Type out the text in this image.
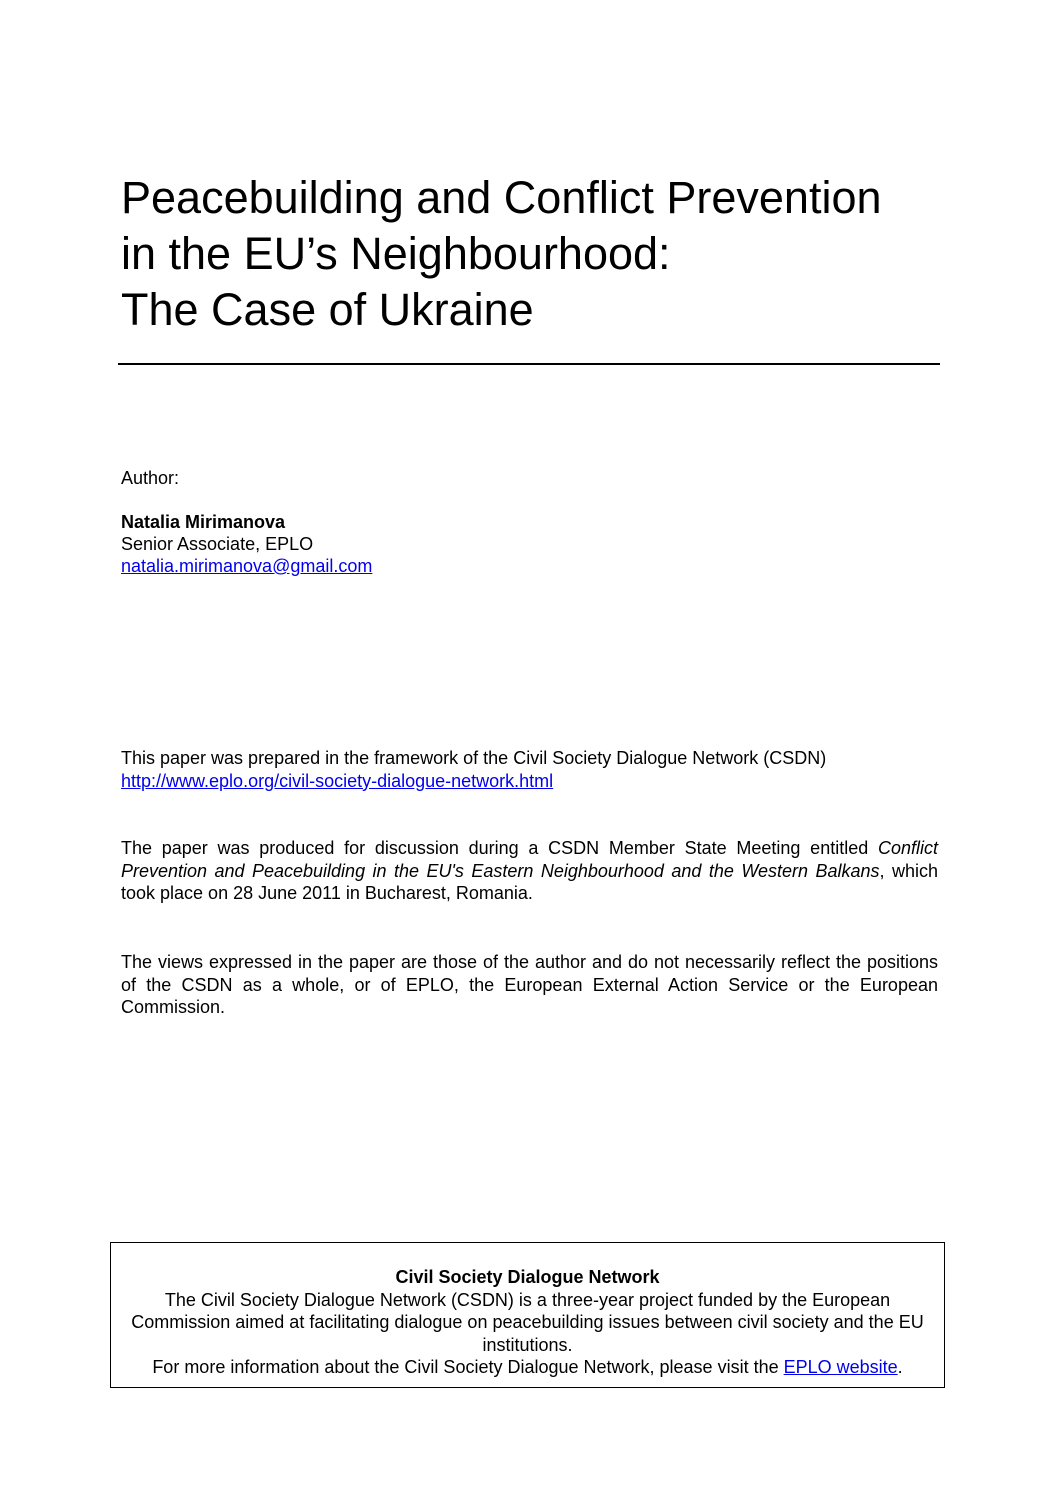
Peacebuilding and Conflict Prevention
in the EU’s Neighbourhood:
The Case of Ukraine
Author:
Natalia Mirimanova
Senior Associate, EPLO
natalia.mirimanova@gmail.com

This paper was prepared in the framework of the Civil Society Dialogue Network (CSDN)
http://www.eplo.org/civil-society-dialogue-network.html

The paper was produced for discussion during a CSDN Member State Meeting entitled Conflict Prevention and Peacebuilding in the EU's Eastern Neighbourhood and the Western Balkans, which took place on 28 June 2011 in Bucharest, Romania.

The views expressed in the paper are those of the author and do not necessarily reflect the positions of the CSDN as a whole, or of EPLO, the European External Action Service or the European Commission.

Civil Society Dialogue Network
The Civil Society Dialogue Network (CSDN) is a three-year project funded by the European Commission aimed at facilitating dialogue on peacebuilding issues between civil society and the EU institutions.
For more information about the Civil Society Dialogue Network, please visit the EPLO website.
